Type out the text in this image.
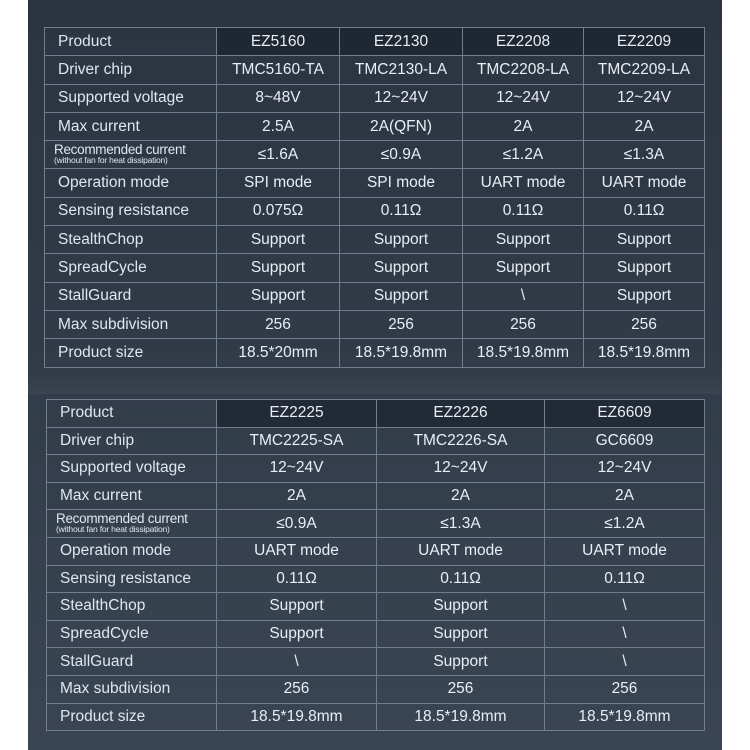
Product	EZ5160	EZ2130	EZ2208	EZ2209
Driver chip	TMC5160-TA	TMC2130-LA	TMC2208-LA	TMC2209-LA
Supported voltage	8~48V	12~24V	12~24V	12~24V
Max current	2.5A	2A(QFN)	2A	2A

Recommended current
(without fan for heat dissipation)	≤1.6A	≤0.9A	≤1.2A	≤1.3A
Operation mode	SPI mode	SPI mode	UART mode	UART mode
Sensing resistance	0.075Ω	0.11Ω	0.11Ω	0.11Ω
StealthChop	Support	Support	Support	Support
SpreadCycle	Support	Support	Support	Support
StallGuard	Support	Support	\	Support
Max subdivision	256	256	256	256
Product size	18.5*20mm	18.5*19.8mm	18.5*19.8mm	18.5*19.8mm
Product	EZ2225	EZ2226	EZ6609
Driver chip	TMC2225-SA	TMC2226-SA	GC6609
Supported voltage	12~24V	12~24V	12~24V
Max current	2A	2A	2A

Recommended current
(without fan for heat dissipation)	≤0.9A	≤1.3A	≤1.2A
Operation mode	UART mode	UART mode	UART mode
Sensing resistance	0.11Ω	0.11Ω	0.11Ω
StealthChop	Support	Support	\
SpreadCycle	Support	Support	\
StallGuard	\	Support	\
Max subdivision	256	256	256
Product size	18.5*19.8mm	18.5*19.8mm	18.5*19.8mm
